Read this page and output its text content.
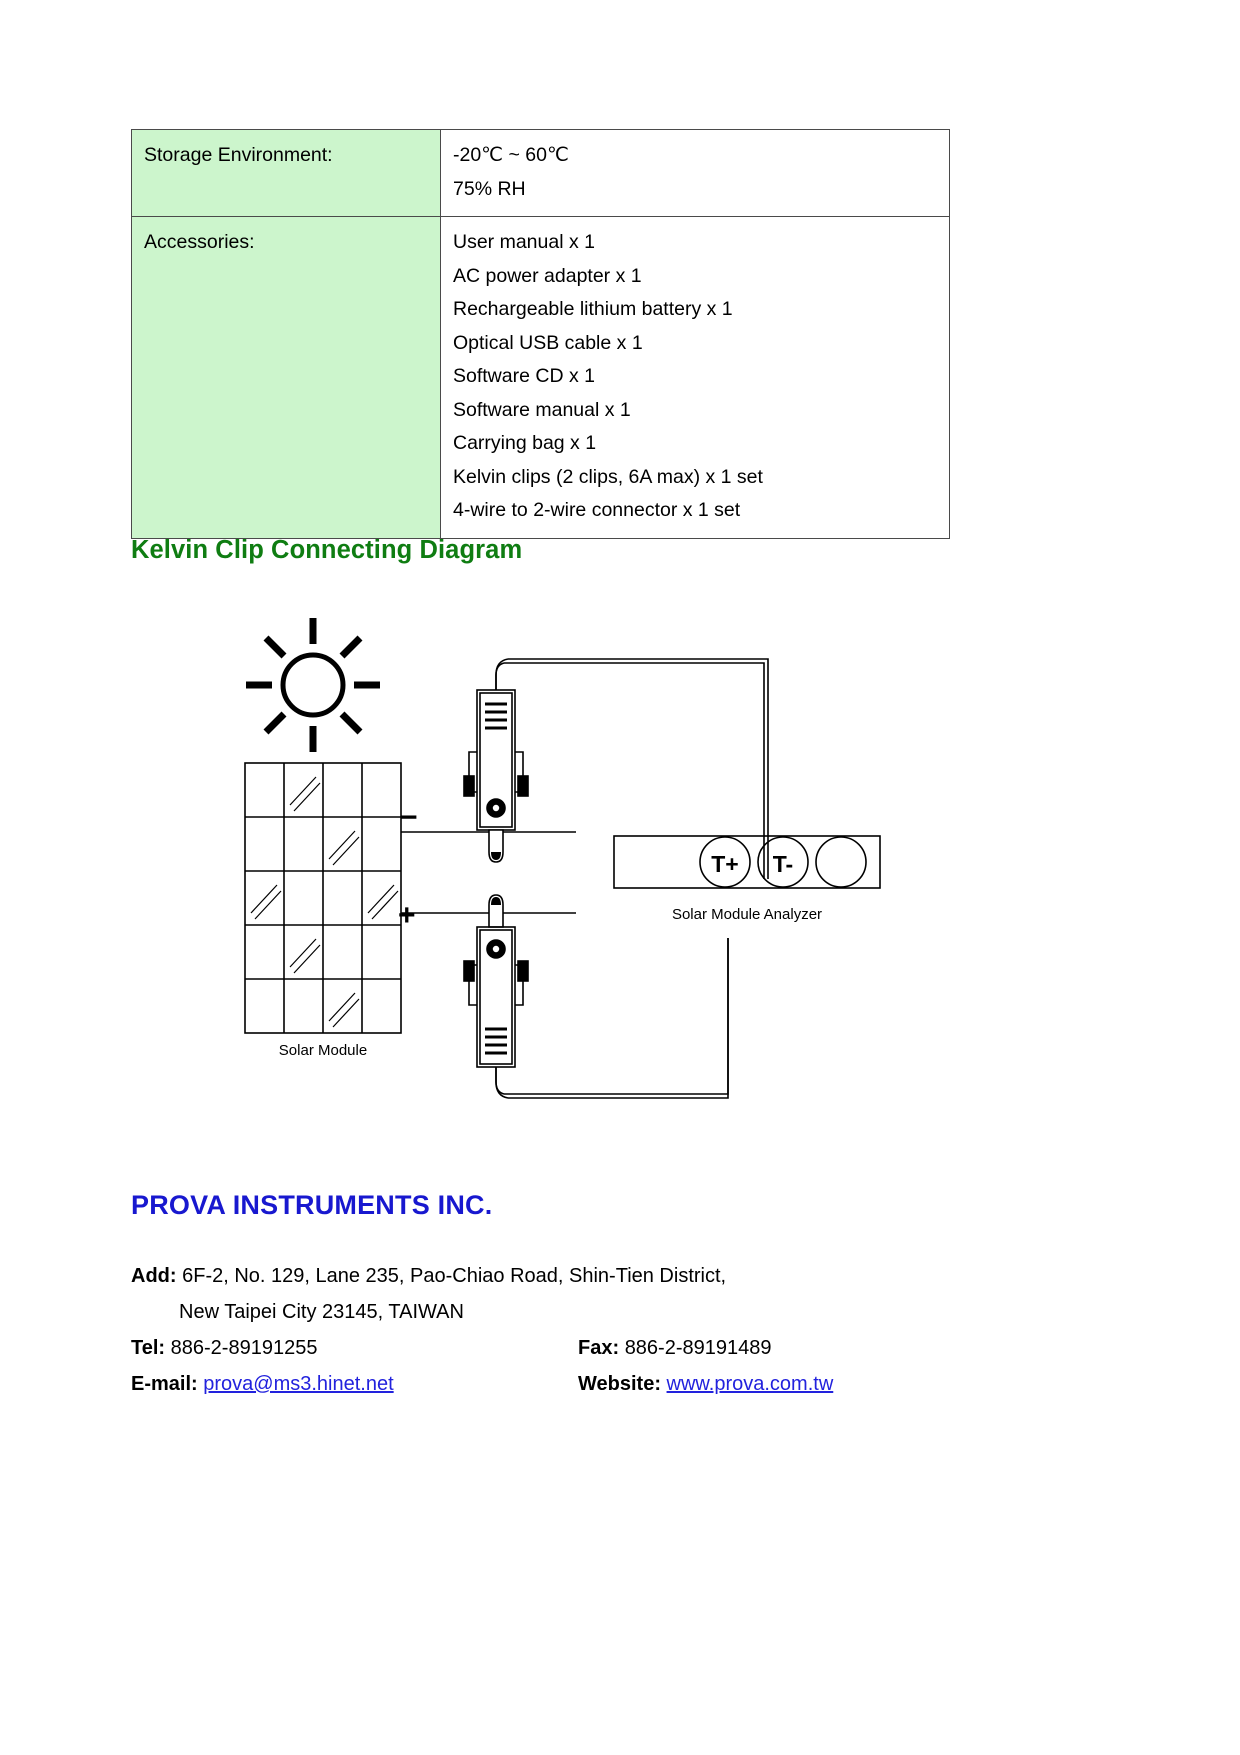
Storage Environment:	-20℃ ~ 60℃
75% RH

Accessories:	User manual x 1
AC power adapter x 1
Rechargeable lithium battery x 1
Optical USB cable x 1
Software CD x 1
Software manual x 1
Carrying bag x 1
Kelvin clips (2 clips, 6A max) x 1 set
4-wire to 2-wire connector x 1 set
Kelvin Clip Connecting Diagram
−
+
T+ T-
Solar Module
Solar Module Analyzer
PROVA INSTRUMENTS INC.
Add: 6F-2, No. 129, Lane 235, Pao-Chiao Road, Shin-Tien District,
New Taipei City 23145, TAIWAN
Tel: 886-2-89191255	Fax: 886-2-89191489
E-mail: prova@ms3.hinet.net	Website: www.prova.com.tw
